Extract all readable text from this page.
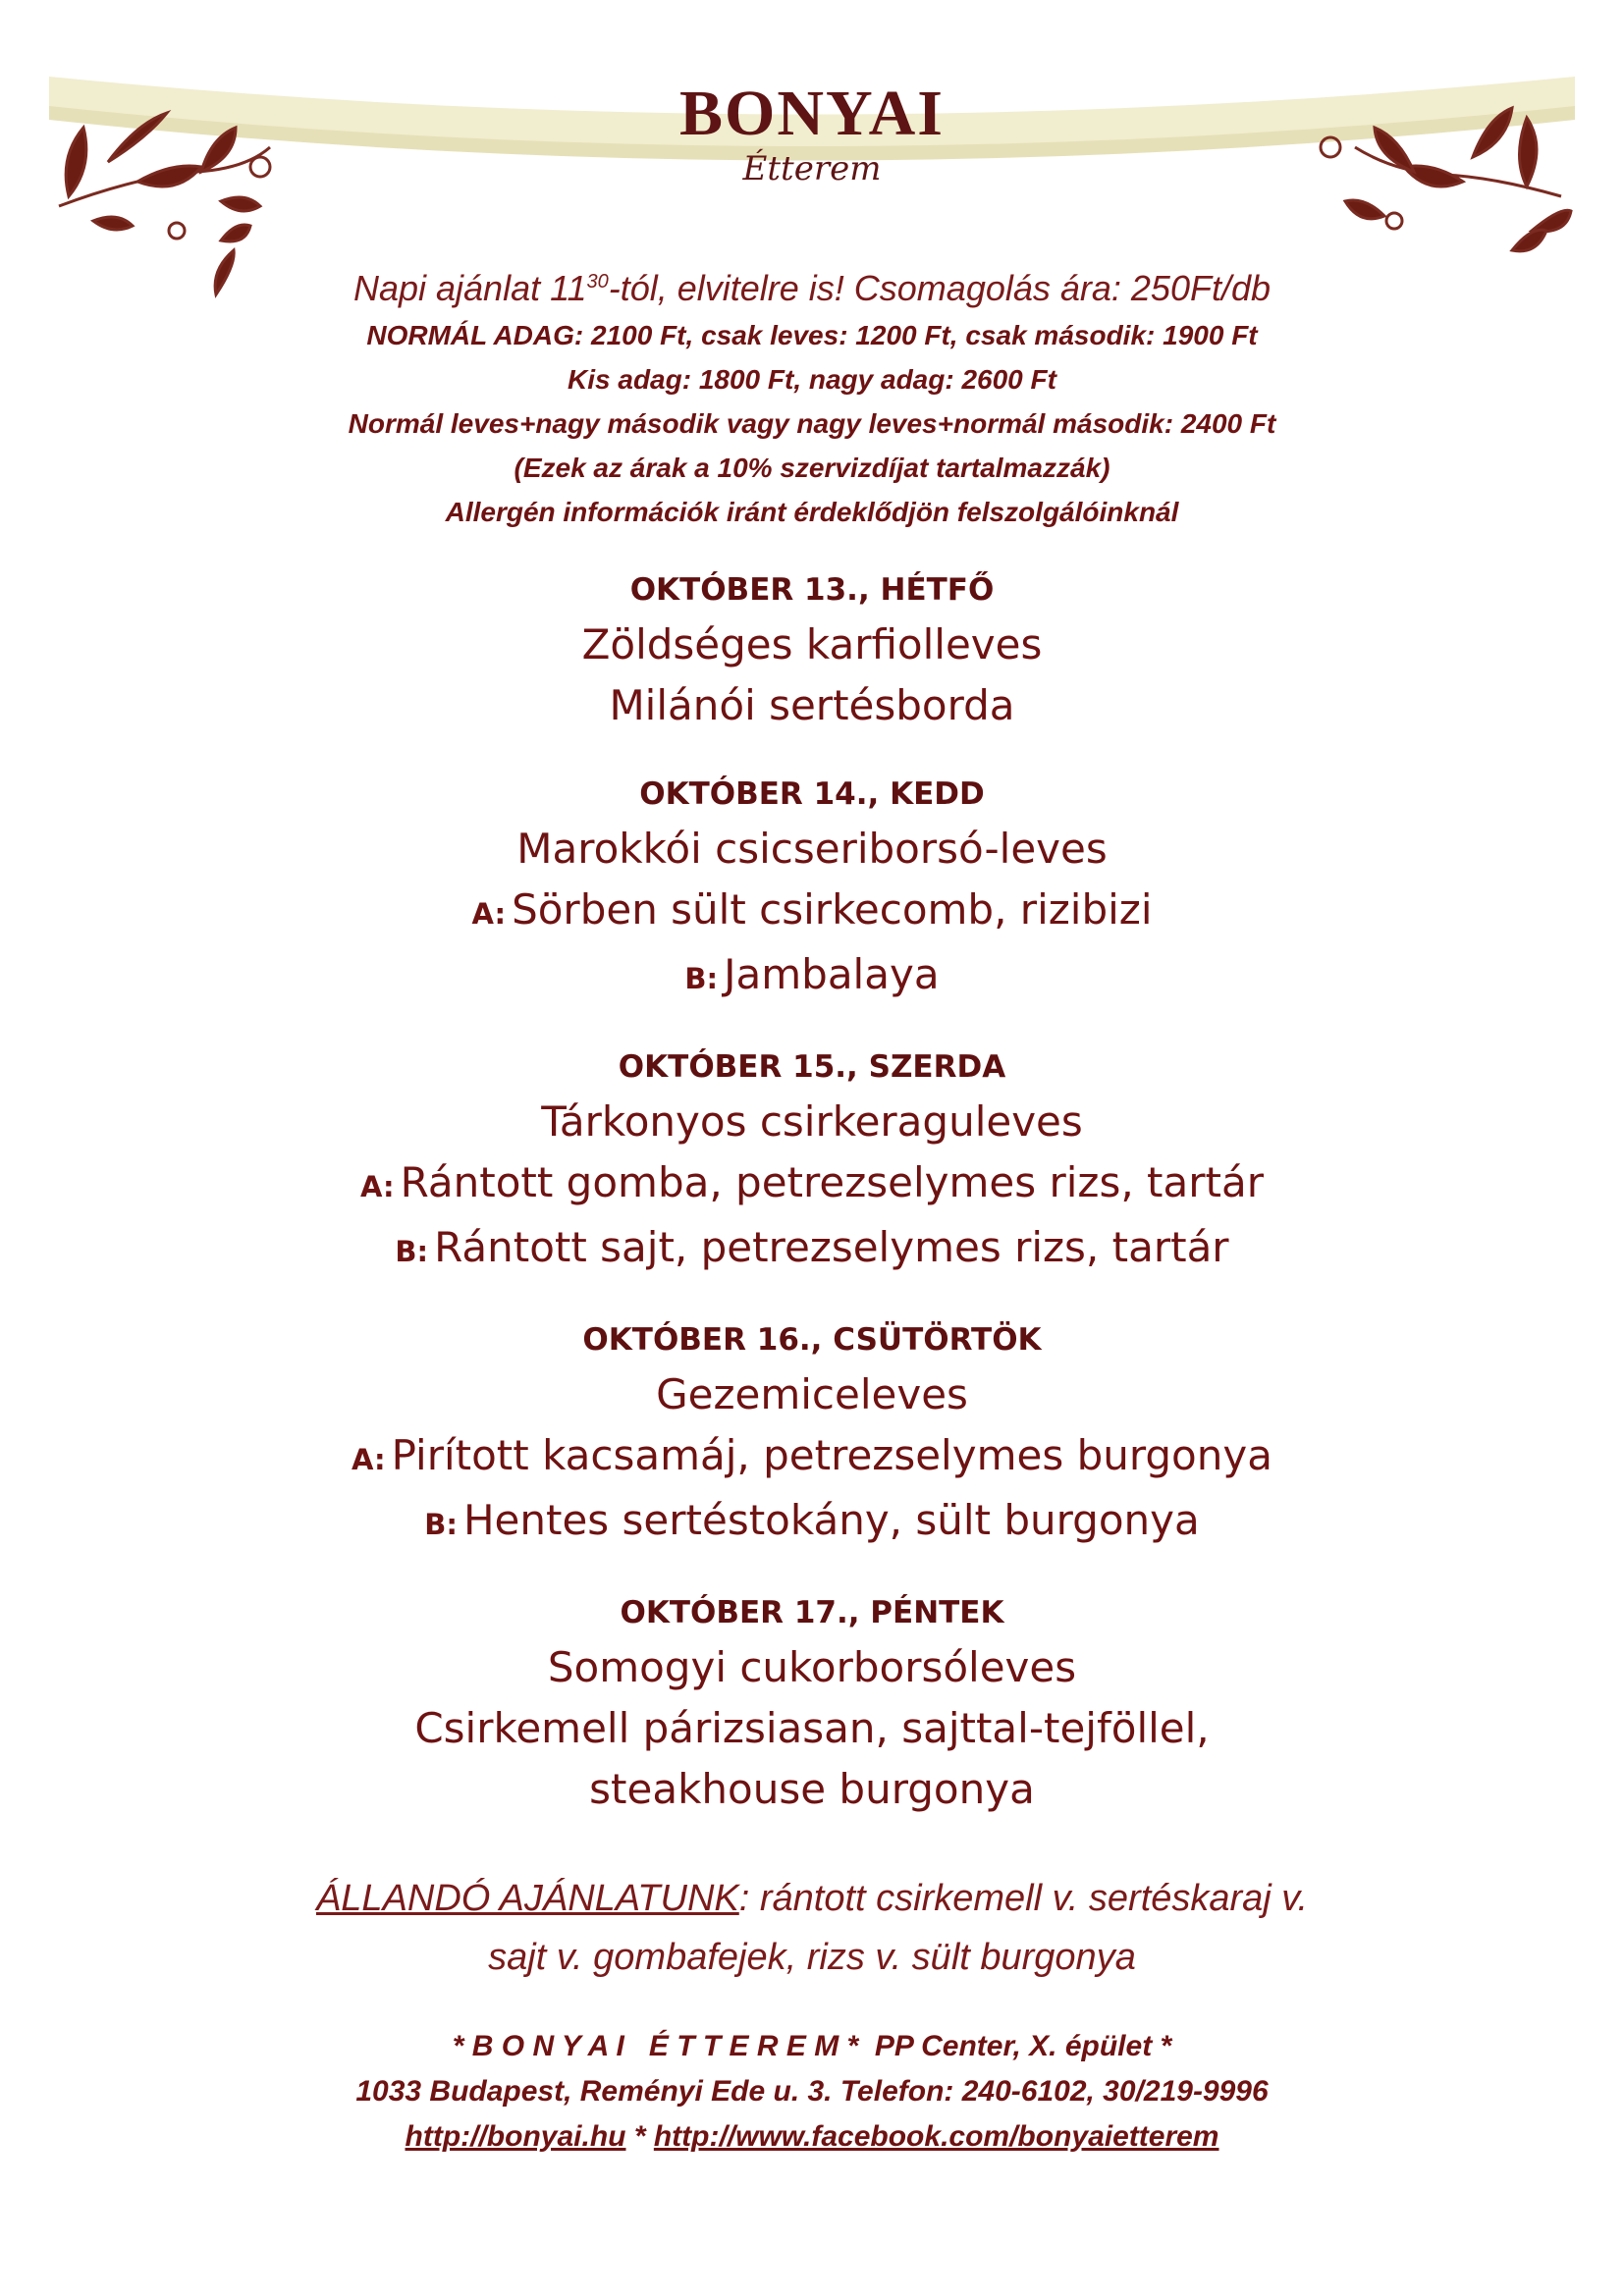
BONYAI
Étterem
Napi ajánlat $11^{30}$-tól, elvitelre is! Csomagolás ára: 250Ft/db
NORMÁL ADAG: 2100 Ft, csak leves: 1200 Ft, csak második: 1900 Ft
Kis adag: 1800 Ft, nagy adag: 2600 Ft
Normál leves+nagy második vagy nagy leves+normál második: 2400 Ft
(Ezek az árak a 10% szervizdíjat tartalmazzák)
Allergén információk iránt érdeklődjön felszolgálóinknál
OKTÓBER 13., HÉTFŐ
Zöldséges karfiolleves
Milánói sertésborda
OKTÓBER 14., KEDD
Marokkói csicseriborsó-leves
A: Sörben sült csirkecomb, rizibizi
B: Jambalaya
OKTÓBER 15., SZERDA
Tárkonyos csirkeraguleves
A: Rántott gomba, petrezselymes rizs, tartár
B: Rántott sajt, petrezselymes rizs, tartár
OKTÓBER 16., CSÜTÖRTÖK
Gezemiceleves
A: Pirított kacsamáj, petrezselymes burgonya
B: Hentes sertéstokány, sült burgonya
OKTÓBER 17., PÉNTEK
Somogyi cukorborsóleves
Csirkemell párizsiasan, sajttal-tejföllel,
steakhouse burgonya
ÁLLANDÓ AJÁNLATUNK: rántott csirkemell v. sertéskaraj v.
sajt v. gombafejek, rizs v. sült burgonya
* B O N Y A I   É T T E R E M *  PP Center, X. épület *
1033 Budapest, Reményi Ede u. 3. Telefon: 240-6102, 30/219-9996
http://bonyai.hu * http://www.facebook.com/bonyaietterem
